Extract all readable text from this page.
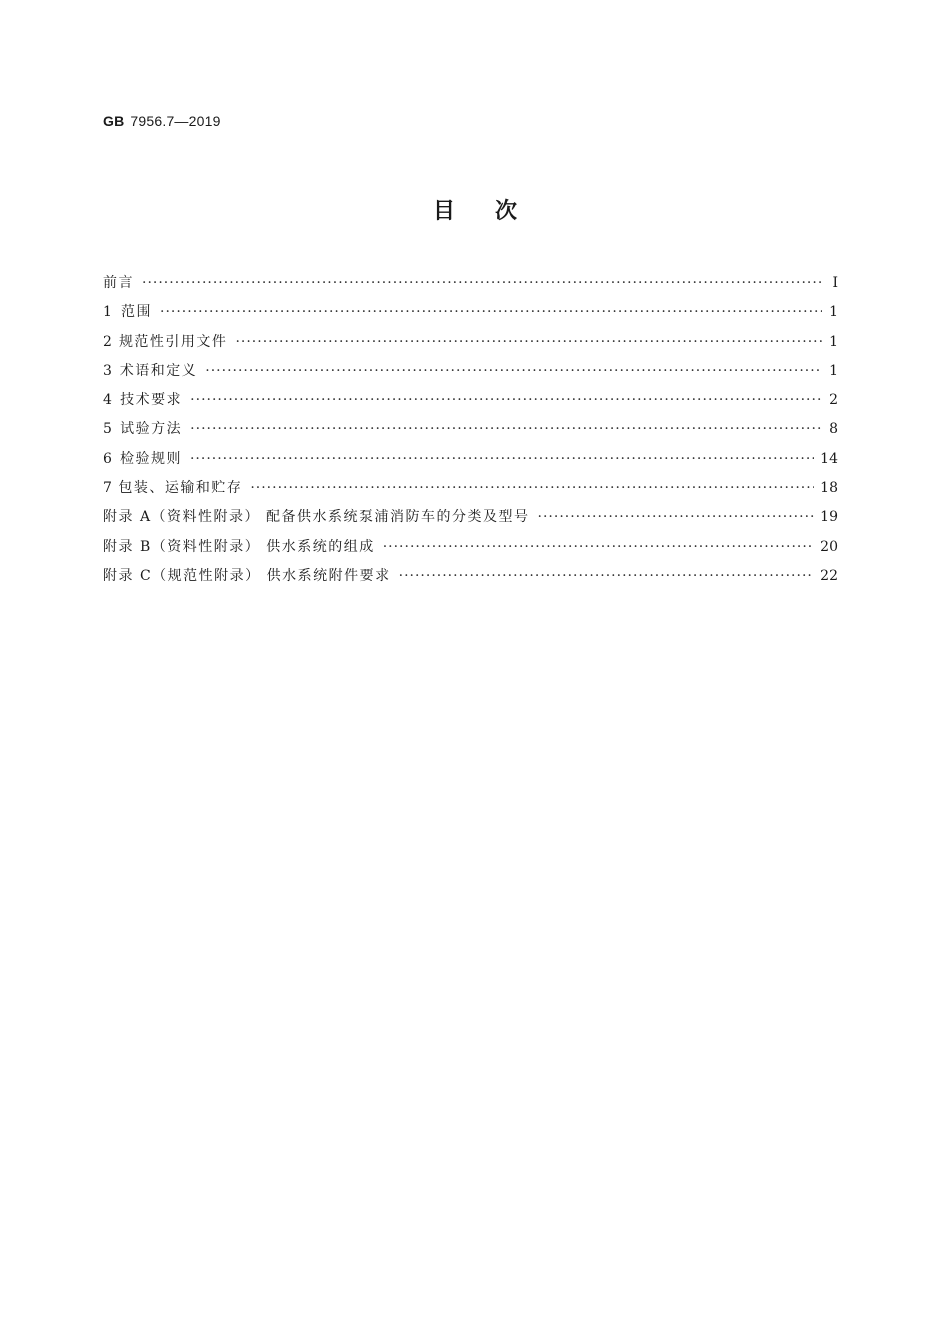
GB 7956.7—2019
目次
前言 ·····	Ⅰ
1 范围 ·····	1
2 规范性引用文件 ·····	1
3 术语和定义 ·····	1
4 技术要求 ·····	2
5 试验方法 ·····	8
6 检验规则 ·····	14
7 包装、运输和贮存 ·····	18
附录 A（资料性附录） 配备供水系统泵浦消防车的分类及型号 ·····	19
附录 B（资料性附录） 供水系统的组成 ·····	20
附录 C（规范性附录） 供水系统附件要求 ·····	22
